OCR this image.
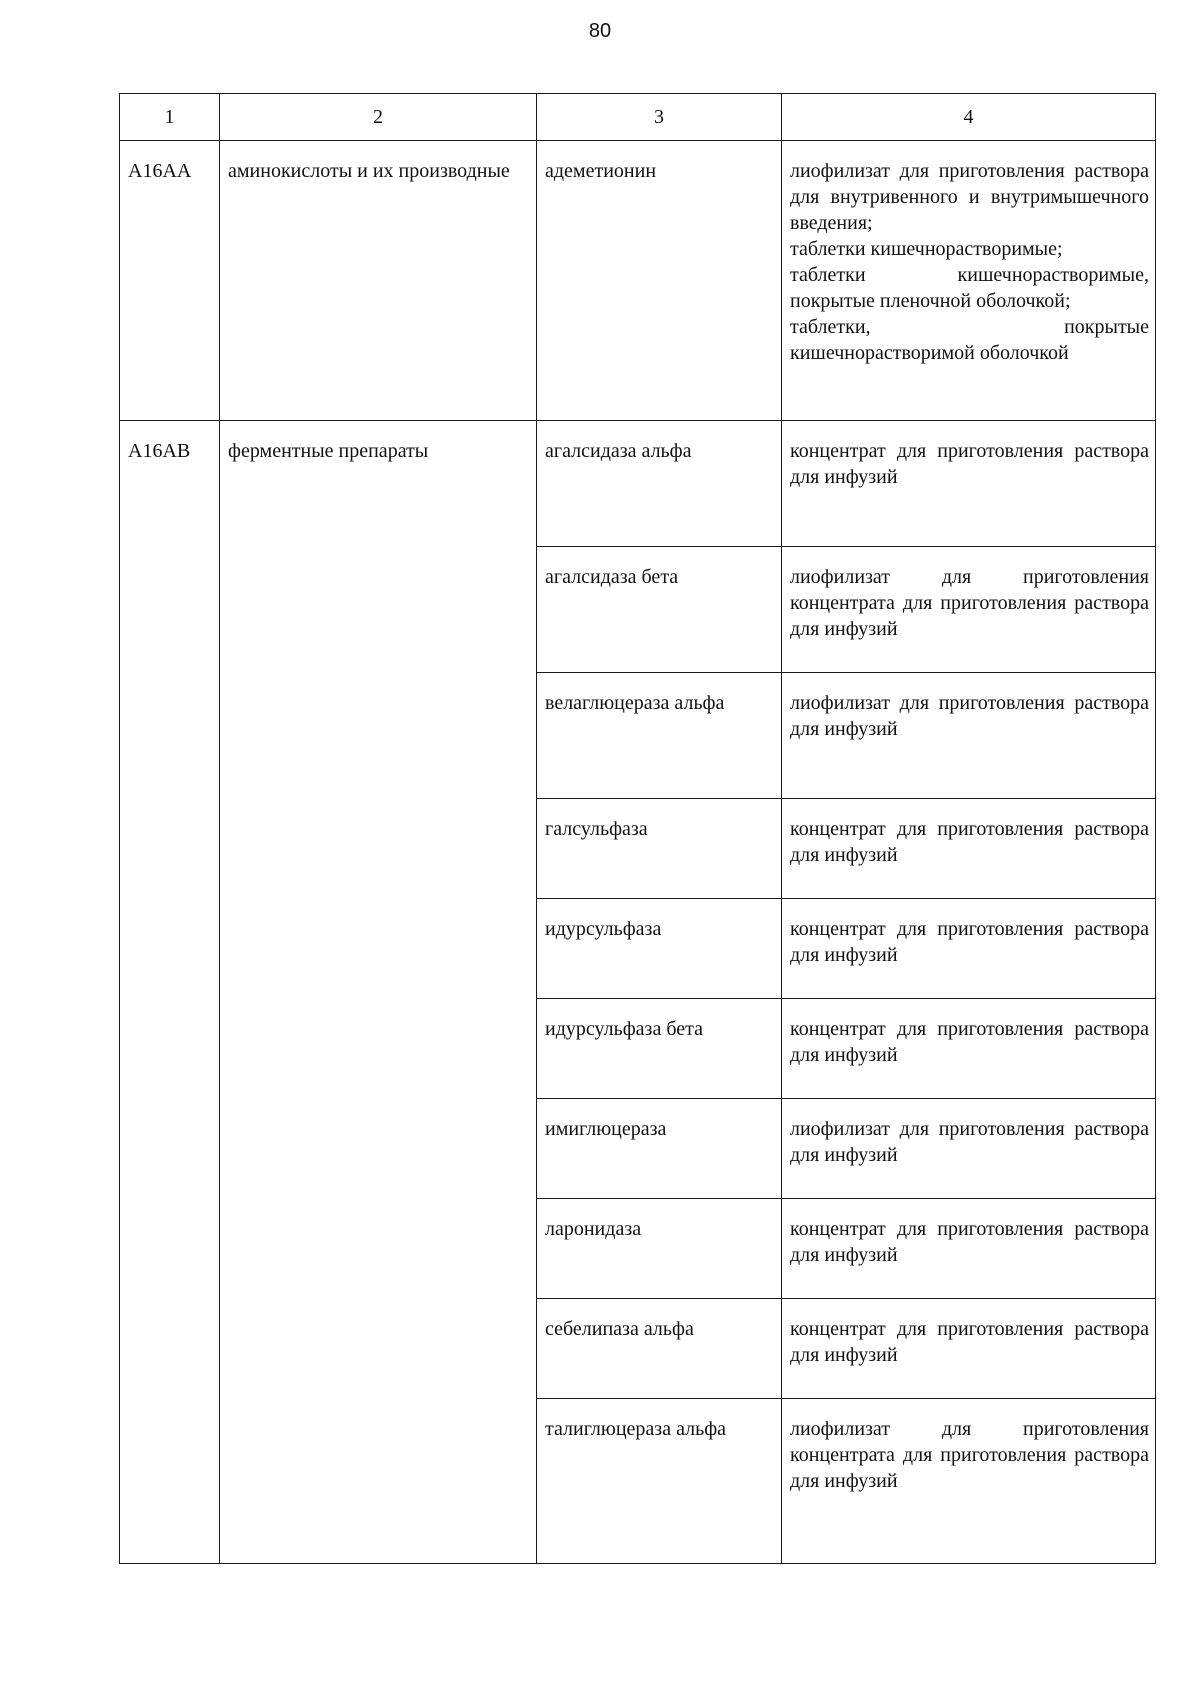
80
1	2	3	4
A16AA	аминокислоты и их производные	адеметионин	лиофилизат для приготовления раствора для внутривенного и внутримышечного введения;
таблетки кишечнорастворимые;
таблетки кишечнорастворимые, покрытые пленочной оболочкой;
таблетки, покрытые кишечнорастворимой оболочкой

A16AB	ферментные препараты	агалсидаза альфа	концентрат для приготовления раствора для инфузий
		агалсидаза бета	лиофилизат для приготовления концентрата для приготовления раствора для инфузий
		велаглюцераза альфа	лиофилизат для приготовления раствора для инфузий
		галсульфаза	концентрат для приготовления раствора для инфузий
		идурсульфаза	концентрат для приготовления раствора для инфузий
		идурсульфаза бета	концентрат для приготовления раствора для инфузий
		имиглюцераза	лиофилизат для приготовления раствора для инфузий
		ларонидаза	концентрат для приготовления раствора для инфузий
		себелипаза альфа	концентрат для приготовления раствора для инфузий
		талиглюцераза альфа	лиофилизат для приготовления концентрата для приготовления раствора для инфузий
